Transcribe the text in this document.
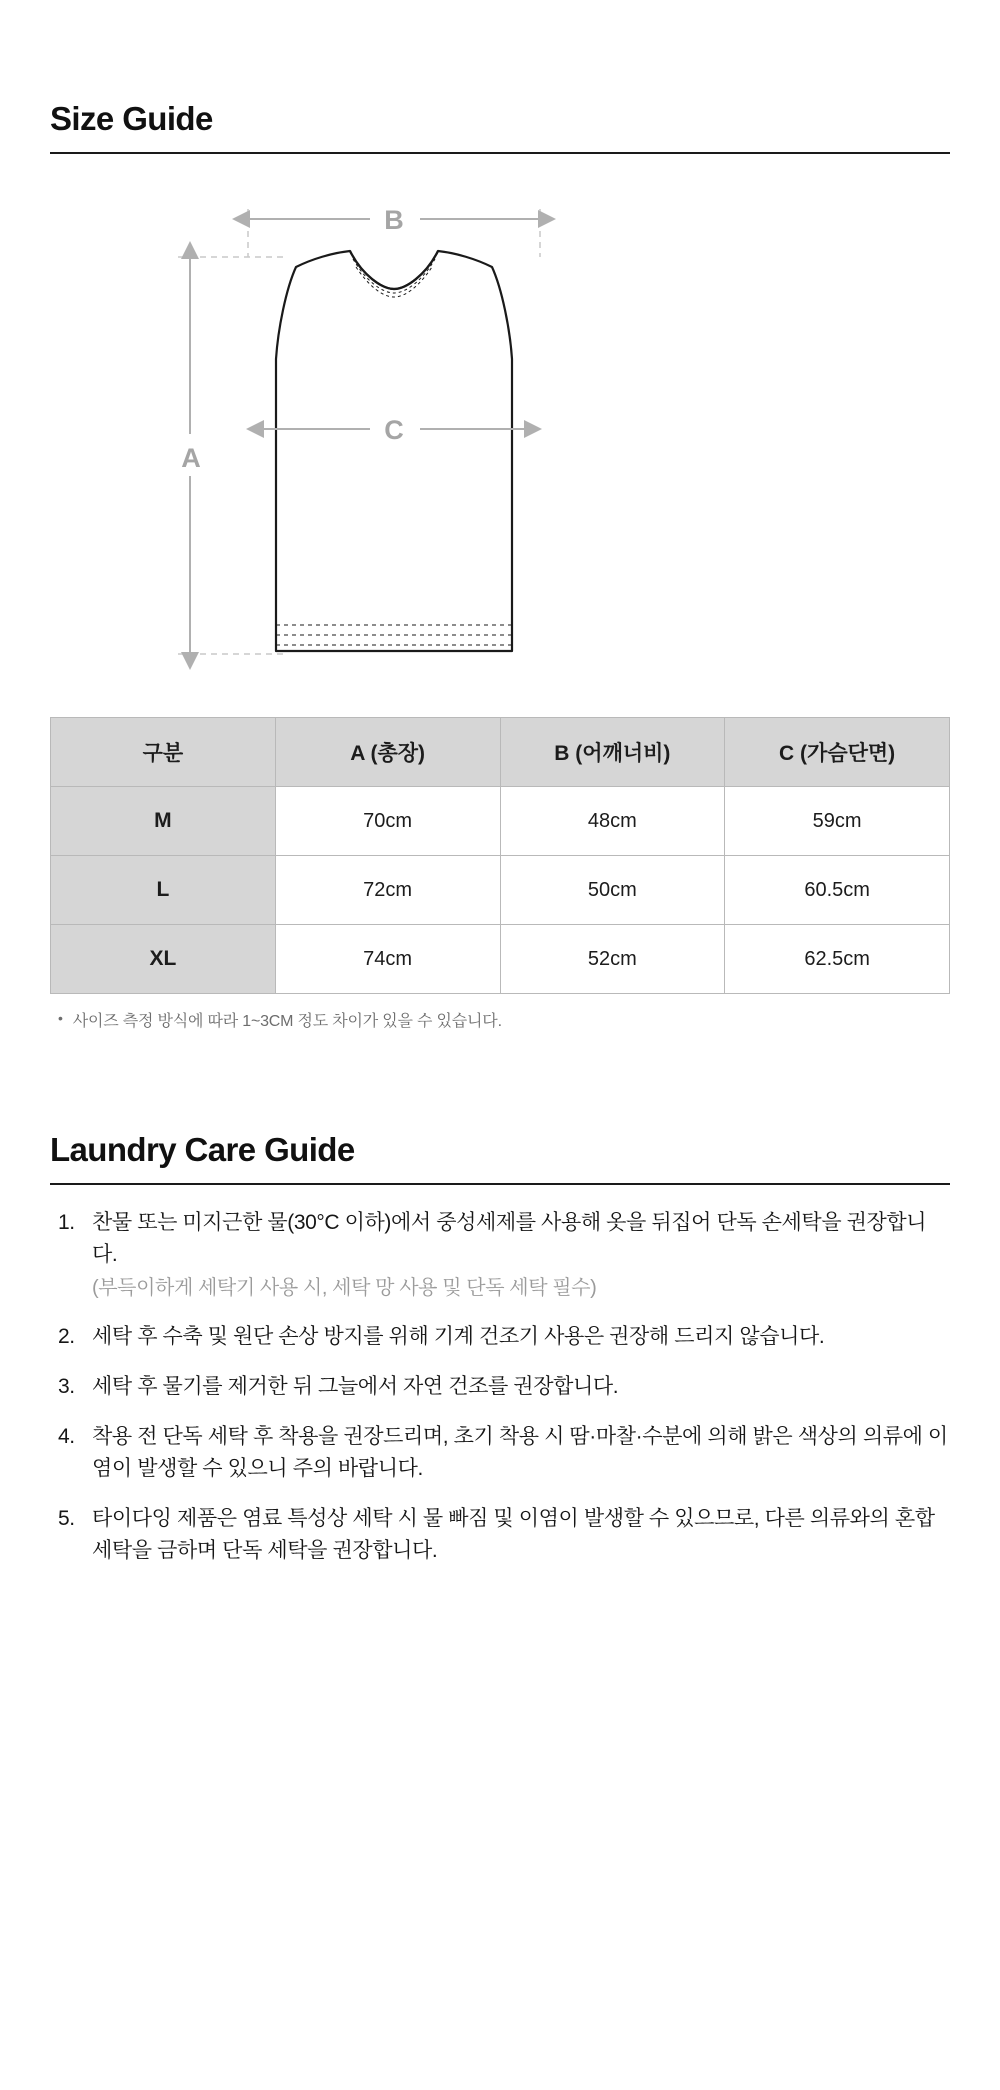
Size Guide
B
A
C
구분	A (총장)	B (어깨너비)	C (가슴단면)
M	70cm	48cm	59cm
L	72cm	50cm	60.5cm
XL	74cm	52cm	62.5cm

• 사이즈 측정 방식에 따라 1~3CM 정도 차이가 있을 수 있습니다.

Laundry Care Guide
찬물 또는 미지근한 물(30°C 이하)에서 중성세제를 사용해 옷을 뒤집어 단독 손세탁을 권장합니다.
(부득이하게 세탁기 사용 시, 세탁 망 사용 및 단독 세탁 필수)
세탁 후 수축 및 원단 손상 방지를 위해 기계 건조기 사용은 권장해 드리지 않습니다.
세탁 후 물기를 제거한 뒤 그늘에서 자연 건조를 권장합니다.
착용 전 단독 세탁 후 착용을 권장드리며, 초기 착용 시 땀·마찰·수분에 의해 밝은 색상의 의류에 이염이 발생할 수 있으니 주의 바랍니다.
타이다잉 제품은 염료 특성상 세탁 시 물 빠짐 및 이염이 발생할 수 있으므로, 다른 의류와의 혼합 세탁을 금하며 단독 세탁을 권장합니다.
